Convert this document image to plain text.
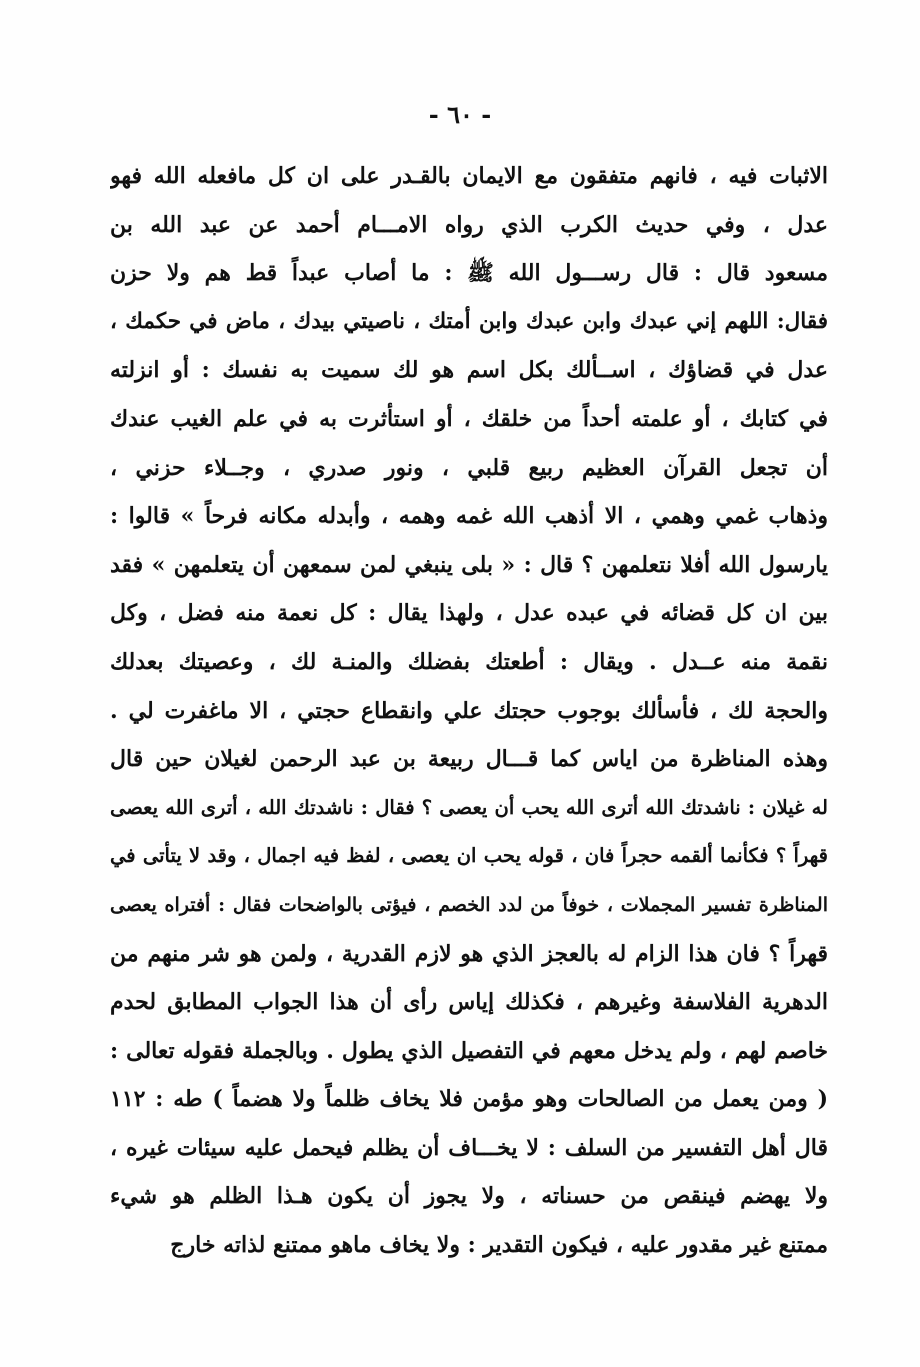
- ٦٠ -
الاثبات فيه ، فانهم متفقون مع الايمان بالقـدر على ان كل مافعله الله فهو
عدل ، وفي حديث الكرب الذي رواه الامـــام أحمد عن عبد الله بن
مسعود قال : قال رســـول الله ﷺ : ما أصاب عبداً قط هم ولا حزن
فقال: اللهم إني عبدك وابن عبدك وابن أمتك ، ناصيتي بيدك ، ماض في حكمك ،
عدل في قضاؤك ، اســألك بكل اسم هو لك سميت به نفسك : أو انزلته
في كتابك ، أو علمته أحداً من خلقك ، أو استأثرت به في علم الغيب عندك
أن تجعل القرآن العظيم ربيع قلبي ، ونور صدري ، وجــلاء حزني ،
وذهاب غمي وهمي ، الا أذهب الله غمه وهمه ، وأبدله مكانه فرحاً » قالوا :
يارسول الله أفلا نتعلمهن ؟ قال : « بلى ينبغي لمن سمعهن أن يتعلمهن » فقد
بين ان كل قضائه في عبده عدل ، ولهذا يقال : كل نعمة منه فضل ، وكل
نقمة منه عــدل . ويقال : أطعتك بفضلك والمنـة لك ، وعصيتك بعدلك
والحجة لك ، فأسألك بوجوب حجتك علي وانقطاع حجتي ، الا ماغفرت لي .
وهذه المناظرة من اياس كما قـــال ربيعة بن عبد الرحمن لغيلان حين قال
له غيلان : ناشدتك الله أترى الله يحب أن يعصى ؟ فقال : ناشدتك الله ، أترى الله يعصى
قهراً ؟ فكأنما ألقمه حجراً فان ، قوله يحب ان يعصى ، لفظ فيه اجمال ، وقد لا يتأتى في
المناظرة تفسير المجملات ، خوفاً من لدد الخصم ، فيؤتى بالواضحات فقال : أفتراه يعصى
قهراً ؟ فان هذا الزام له بالعجز الذي هو لازم القدرية ، ولمن هو شر منهم من
الدهرية الفلاسفة وغيرهم ، فكذلك إياس رأى أن هذا الجواب المطابق لحدم
خاصم لهم ، ولم يدخل معهم في التفصيل الذي يطول . وبالجملة فقوله تعالى :
( ومن يعمل من الصالحات وهو مؤمن فلا يخاف ظلماً ولا هضماً ) طه : ١١٢
قال أهل التفسير من السلف : لا يخـــاف أن يظلم فيحمل عليه سيئات غيره ،
ولا يهضم فينقص من حسناته ، ولا يجوز أن يكون هـذا الظلم هو شيء
ممتنع غير مقدور عليه ، فيكون التقدير : ولا يخاف ماهو ممتنع لذاته خارج
